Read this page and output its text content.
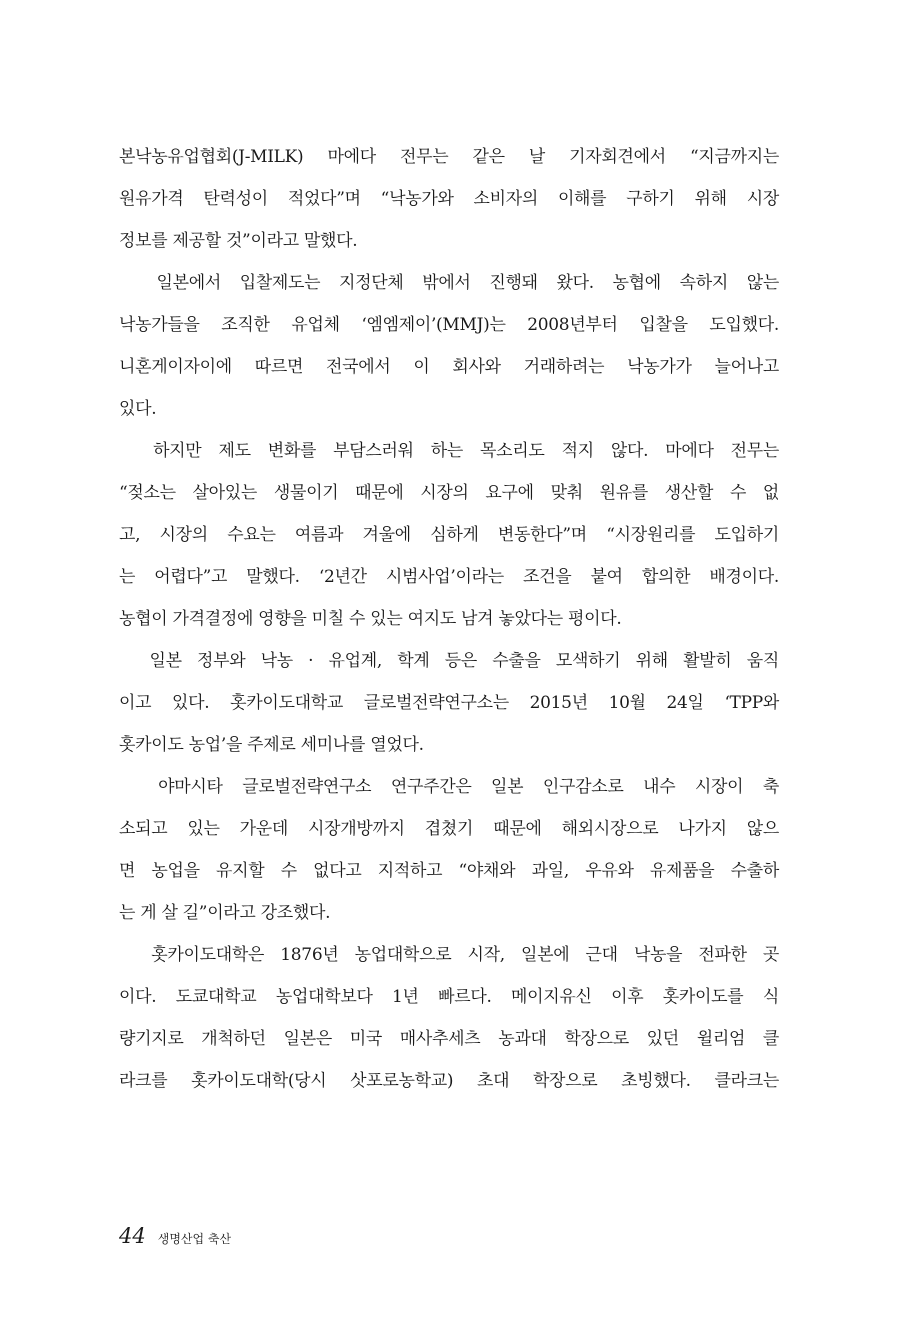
본낙농유업협회(J-MILK) 마에다 전무는 같은 날 기자회견에서 “지금까지는
원유가격 탄력성이 적었다”며 “낙농가와 소비자의 이해를 구하기 위해 시장
정보를 제공할 것”이라고 말했다.
일본에서 입찰제도는 지정단체 밖에서 진행돼 왔다. 농협에 속하지 않는
낙농가들을 조직한 유업체 ‘엠엠제이’(MMJ)는 2008년부터 입찰을 도입했다.
니혼게이자이에 따르면 전국에서 이 회사와 거래하려는 낙농가가 늘어나고
있다.
하지만 제도 변화를 부담스러워 하는 목소리도 적지 않다. 마에다 전무는
“젖소는 살아있는 생물이기 때문에 시장의 요구에 맞춰 원유를 생산할 수 없
고, 시장의 수요는 여름과 겨울에 심하게 변동한다”며 “시장원리를 도입하기
는 어렵다”고 말했다. ‘2년간 시범사업’이라는 조건을 붙여 합의한 배경이다.
농협이 가격결정에 영향을 미칠 수 있는 여지도 남겨 놓았다는 평이다.
일본 정부와 낙농 · 유업계, 학계 등은 수출을 모색하기 위해 활발히 움직
이고 있다. 홋카이도대학교 글로벌전략연구소는 2015년 10월 24일 ‘TPP와
홋카이도 농업’을 주제로 세미나를 열었다.
야마시타 글로벌전략연구소 연구주간은 일본 인구감소로 내수 시장이 축
소되고 있는 가운데 시장개방까지 겹쳤기 때문에 해외시장으로 나가지 않으
면 농업을 유지할 수 없다고 지적하고 “야채와 과일, 우유와 유제품을 수출하
는 게 살 길”이라고 강조했다.
홋카이도대학은 1876년 농업대학으로 시작, 일본에 근대 낙농을 전파한 곳
이다. 도쿄대학교 농업대학보다 1년 빠르다. 메이지유신 이후 홋카이도를 식
량기지로 개척하던 일본은 미국 매사추세츠 농과대 학장으로 있던 윌리엄 클
라크를 홋카이도대학(당시 삿포로농학교) 초대 학장으로 초빙했다. 클라크는
44 생명산업 축산
